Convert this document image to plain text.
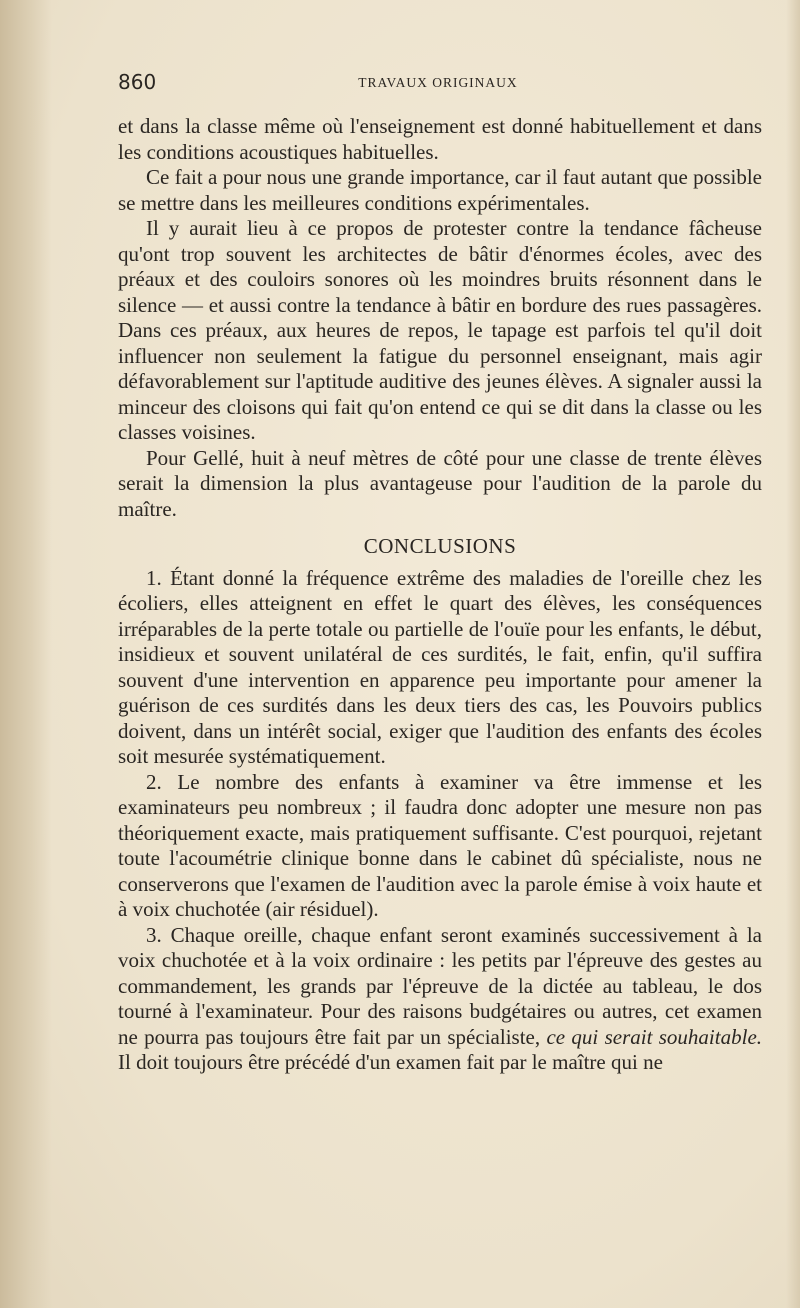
860	TRAVAUX ORIGINAUX

et dans la classe même où l'enseignement est donné habituellement et dans les conditions acoustiques habituelles.

Ce fait a pour nous une grande importance, car il faut autant que possible se mettre dans les meilleures conditions expérimentales.

Il y aurait lieu à ce propos de protester contre la tendance fâcheuse qu'ont trop souvent les architectes de bâtir d'énormes écoles, avec des préaux et des couloirs sonores où les moindres bruits résonnent dans le silence — et aussi contre la tendance à bâtir en bordure des rues passagères. Dans ces préaux, aux heures de repos, le tapage est parfois tel qu'il doit influencer non seulement la fatigue du personnel enseignant, mais agir défavorablement sur l'aptitude auditive des jeunes élèves. A signaler aussi la minceur des cloisons qui fait qu'on entend ce qui se dit dans la classe ou les classes voisines.

Pour Gellé, huit à neuf mètres de côté pour une classe de trente élèves serait la dimension la plus avantageuse pour l'audition de la parole du maître.

CONCLUSIONS

1. Étant donné la fréquence extrême des maladies de l'oreille chez les écoliers, elles atteignent en effet le quart des élèves, les conséquences irréparables de la perte totale ou partielle de l'ouïe pour les enfants, le début, insidieux et souvent unilatéral de ces surdités, le fait, enfin, qu'il suffira souvent d'une intervention en apparence peu importante pour amener la guérison de ces surdités dans les deux tiers des cas, les Pouvoirs publics doivent, dans un intérêt social, exiger que l'audition des enfants des écoles soit mesurée systématiquement.

2. Le nombre des enfants à examiner va être immense et les examinateurs peu nombreux ; il faudra donc adopter une mesure non pas théoriquement exacte, mais pratiquement suffisante. C'est pourquoi, rejetant toute l'acoumétrie clinique bonne dans le cabinet dû spécialiste, nous ne conserverons que l'examen de l'audition avec la parole émise à voix haute et à voix chuchotée (air résiduel).

3. Chaque oreille, chaque enfant seront examinés successivement à la voix chuchotée et à la voix ordinaire : les petits par l'épreuve des gestes au commandement, les grands par l'épreuve de la dictée au tableau, le dos tourné à l'examinateur. Pour des raisons budgétaires ou autres, cet examen ne pourra pas toujours être fait par un spécialiste, ce qui serait souhaitable. Il doit toujours être précédé d'un examen fait par le maître qui ne
